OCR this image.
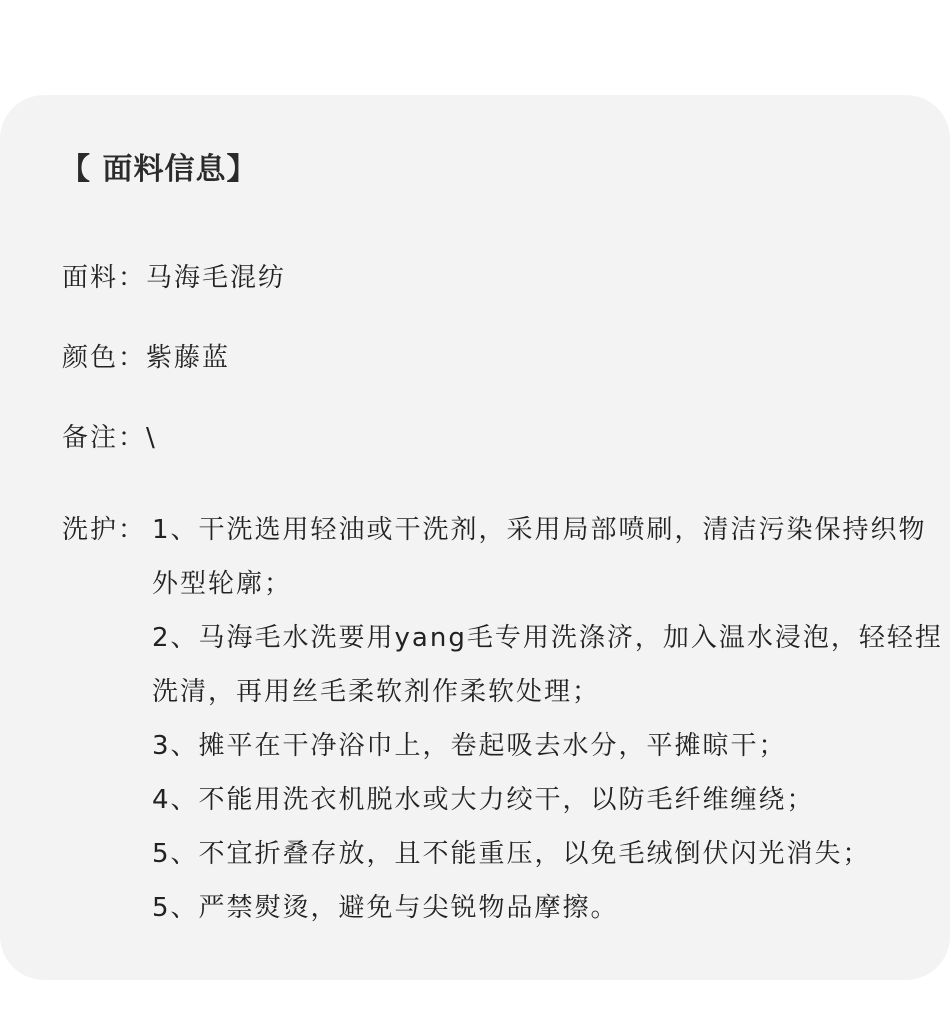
【 面料信息】
面料：马海毛混纺
颜色：紫藤蓝
备注：\
洗护： 1、干洗选用轻油或干洗剂，采用局部喷刷，清洁污染保持织物外型轮廓；
2、马海毛水洗要用yang毛专用洗涤济，加入温水浸泡，轻轻捏洗清，再用丝毛柔软剂作柔软处理；
3、摊平在干净浴巾上，卷起吸去水分，平摊晾干；
4、不能用洗衣机脱水或大力绞干，以防毛纤维缠绕；
5、不宜折叠存放，且不能重压，以免毛绒倒伏闪光消失；
5、严禁熨烫，避免与尖锐物品摩擦。
